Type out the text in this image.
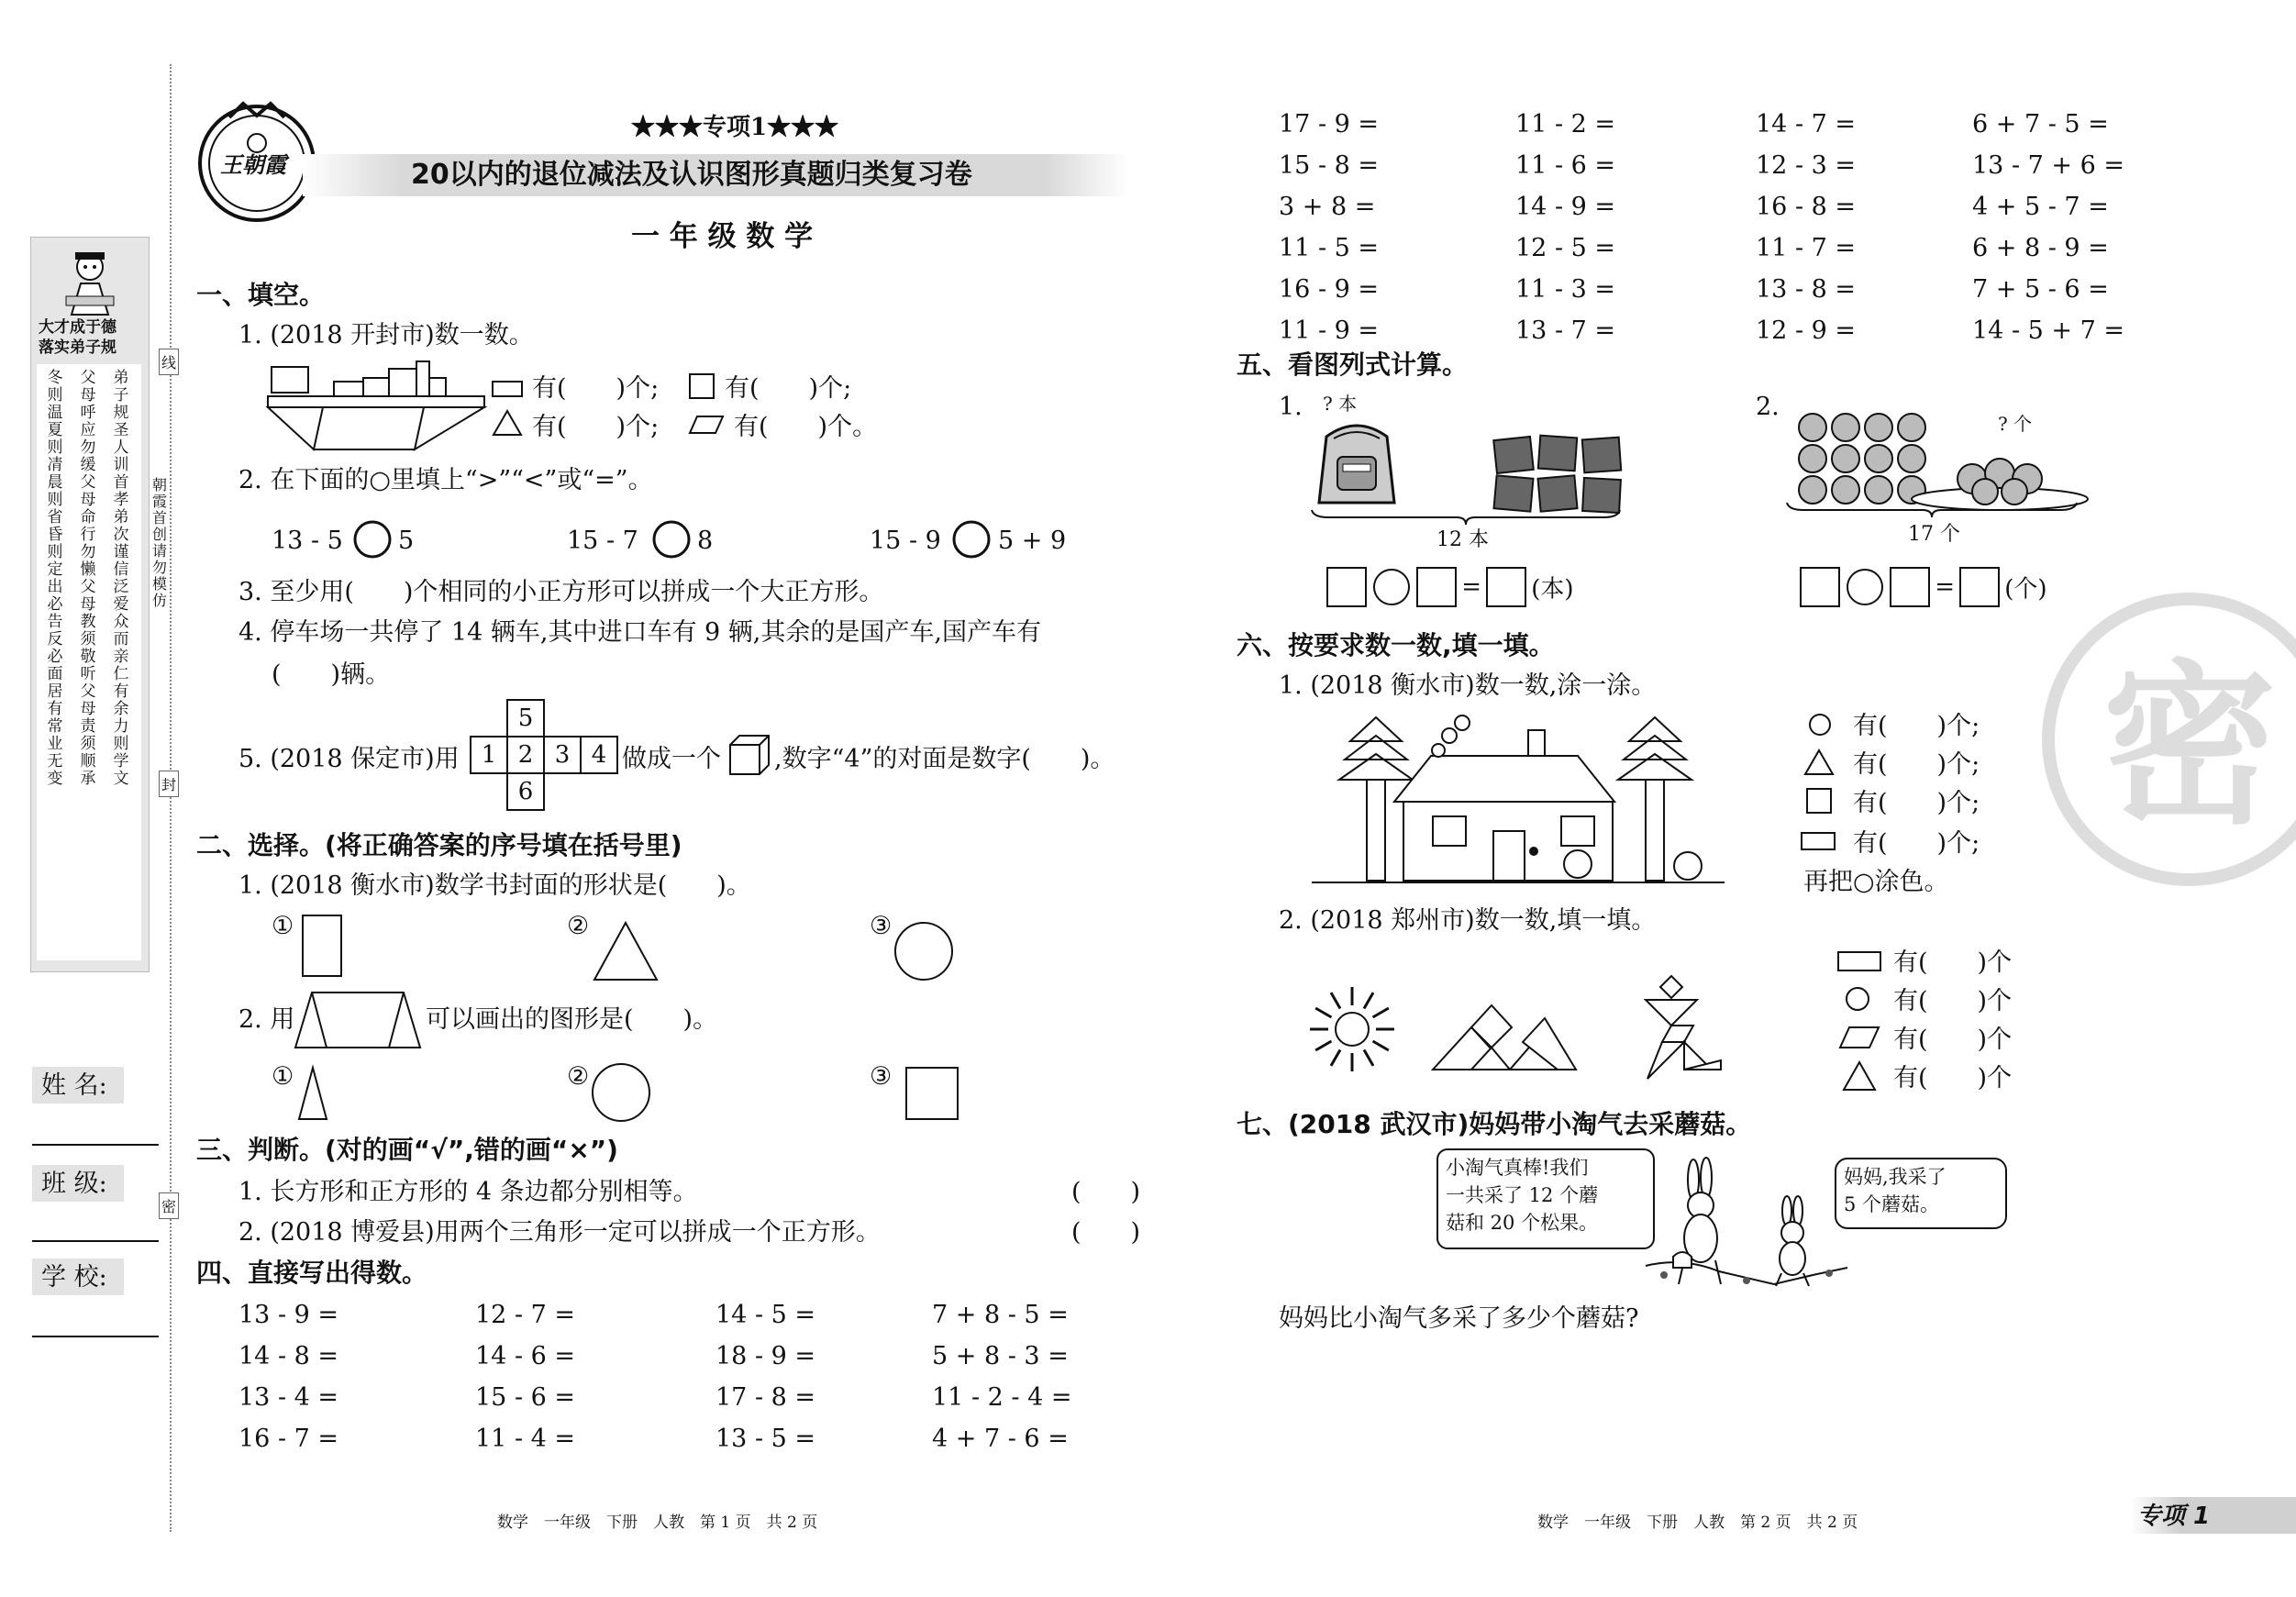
大才成于德
落实弟子规
弟子规圣人训首孝弟次谨信泛爱众而亲仁有余力则学文
父母呼应勿缓父母命行勿懒父母教须敬听父母责须顺承
冬则温夏则凊晨则省昏则定出必告反必面居有常业无变
朝霞首创 请勿模仿
线
封
密
姓 名:
班 级:
学 校:
王朝霞
★★★专项1★★★
20以内的退位减法及认识图形真题归类复习卷
一 年 级 数 学
一、填空。
1. (2018 开封市)数一数。
有(　　)个;	有(　　)个;
有(　　)个;	有(　　)个。
2. 在下面的○里填上“>”“<”或“=”。
13 - 5 5	15 - 7 8	15 - 9 5 + 9
3. 至少用(　　)个相同的小正方形可以拼成一个大正方形。
4. 停车场一共停了 14 辆车,其中进口车有 9 辆,其余的是国产车,国产车有
(　　)辆。
5. (2018 保定市)用
5
1 2 3 4
6
做成一个 ,数字“4”的对面是数字(　　)。
二、选择。(将正确答案的序号填在括号里)
1. (2018 衡水市)数学书封面的形状是(　　)。
①	②	③
2. 用	可以画出的图形是(　　)。
①	②	③
三、判断。(对的画“√”,错的画“×”)
1. 长方形和正方形的 4 条边都分别相等。	(　　)
2. (2018 博爱县)用两个三角形一定可以拼成一个正方形。	(　　)
四、直接写出得数。
13 - 9 =	12 - 7 =	14 - 5 =	7 + 8 - 5 =
14 - 8 =	14 - 6 =	18 - 9 =	5 + 8 - 3 =
13 - 4 =	15 - 6 =	17 - 8 =	11 - 2 - 4 =
16 - 7 =	11 - 4 =	13 - 5 =	4 + 7 - 6 =
数学　一年级　下册　人教　第 1 页　共 2 页
17 - 9 =	11 - 2 =	14 - 7 =	6 + 7 - 5 =
15 - 8 =	11 - 6 =	12 - 3 =	13 - 7 + 6 =
3 + 8 =	14 - 9 =	16 - 8 =	4 + 5 - 7 =
11 - 5 =	12 - 5 =	11 - 7 =	6 + 8 - 9 =
16 - 9 =	11 - 3 =	13 - 8 =	7 + 5 - 6 =
11 - 9 =	13 - 7 =	12 - 9 =	14 - 5 + 7 =
五、看图列式计算。
1. ? 本
12 本
= (本)
2.
? 个
17 个
= (个)
六、按要求数一数,填一填。
1. (2018 衡水市)数一数,涂一涂。
有(　　)个;
有(　　)个;
有(　　)个;
有(　　)个;
再把○涂色。
2. (2018 郑州市)数一数,填一填。
有(　　)个
有(　　)个
有(　　)个
有(　　)个
七、(2018 武汉市)妈妈带小淘气去采蘑菇。
小淘气真棒!我们
一共采了 12 个蘑
菇和 20 个松果。
妈妈,我采了
5 个蘑菇。
妈妈比小淘气多采了多少个蘑菇?
数学　一年级　下册　人教　第 2 页　共 2 页	专项 1
密
